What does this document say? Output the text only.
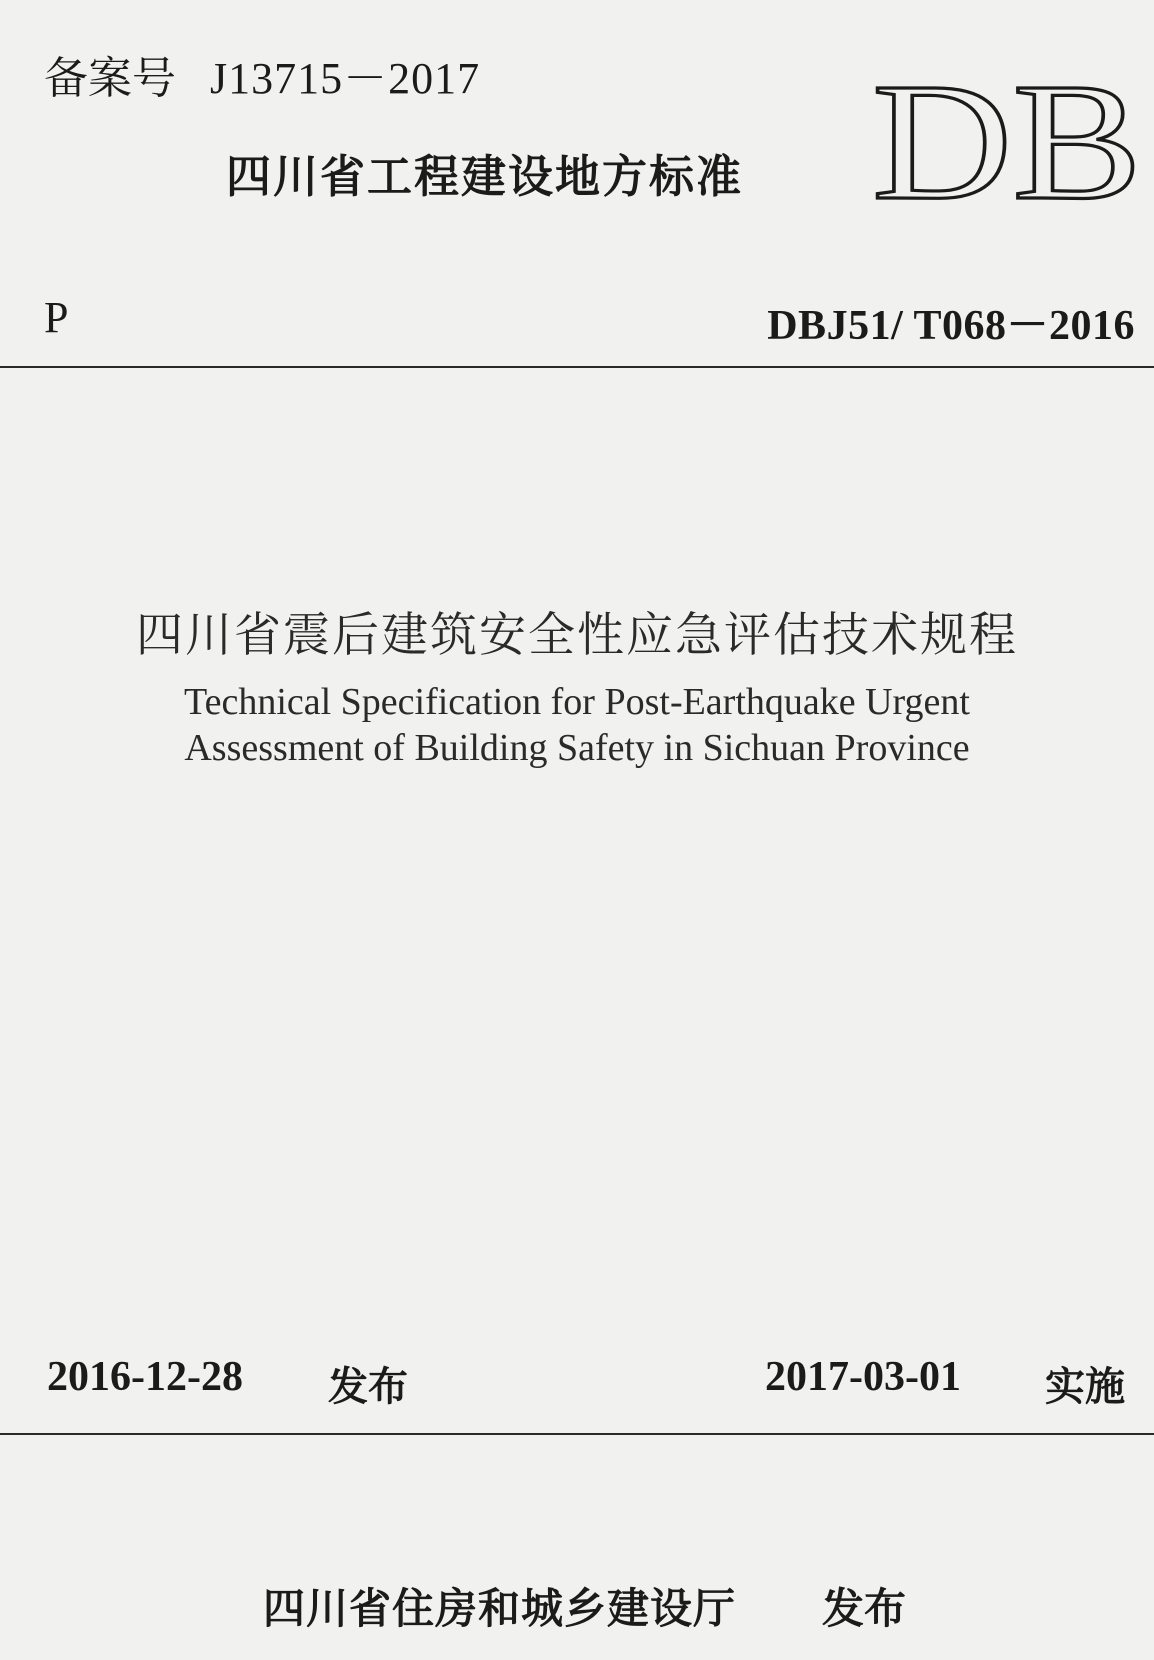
备案号 J13715－2017
四川省工程建设地方标准 DB
P	DBJ51/ T068－2016
四川省震后建筑安全性应急评估技术规程
Technical Specification for Post-Earthquake Urgent
Assessment of Building Safety in Sichuan Province
2016-12-28 发布	2017-03-01 实施
四川省住房和城乡建设厅 发布
